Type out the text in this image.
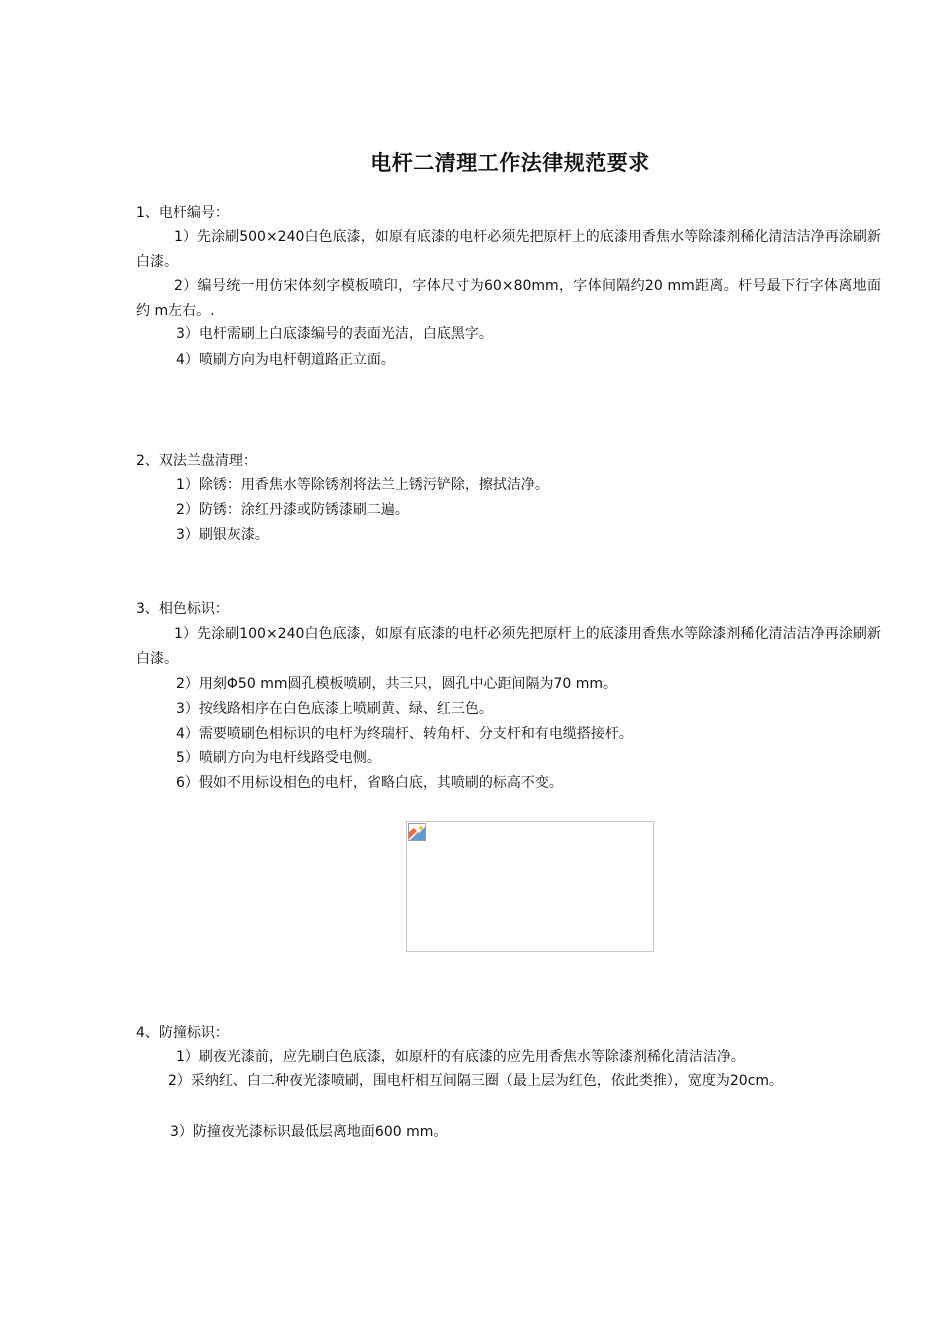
电杆二清理工作法律规范要求
1、电杆编号：
1）先涂刷500×240白色底漆，如原有底漆的电杆必须先把原杆上的底漆用香焦水等除漆剂稀化清洁洁净再涂刷新白漆。
2）编号统一用仿宋体刻字模板喷印，字体尺寸为60×80mm，字体间隔约20 mm距离。杆号最下行字体离地面约 m左右。.
3）电杆需刷上白底漆编号的表面光洁，白底黑字。
4）喷刷方向为电杆朝道路正立面。
2、双法兰盘清理：
1）除锈：用香焦水等除锈剂将法兰上锈污铲除，擦拭洁净。
2）防锈：涂红丹漆或防锈漆刷二遍。
3）刷银灰漆。
3、相色标识：
1）先涂刷100×240白色底漆，如原有底漆的电杆必须先把原杆上的底漆用香焦水等除漆剂稀化清洁洁净再涂刷新白漆。
2）用刻Φ50 mm圆孔模板喷刷，共三只，圆孔中心距间隔为70 mm。
3）按线路相序在白色底漆上喷刷黄、绿、红三色。
4）需要喷刷色相标识的电杆为终瑞杆、转角杆、分支杆和有电缆搭接杆。
5）喷刷方向为电杆线路受电侧。
6）假如不用标设相色的电杆，省略白底，其喷刷的标高不变。
4、防撞标识：
1）刷夜光漆前，应先刷白色底漆，如原杆的有底漆的应先用香焦水等除漆剂稀化清洁洁净。
2）采纳红、白二种夜光漆喷刷，围电杆相互间隔三圈（最上层为红色，依此类推），宽度为20cm。
3）防撞夜光漆标识最低层离地面600 mm。
